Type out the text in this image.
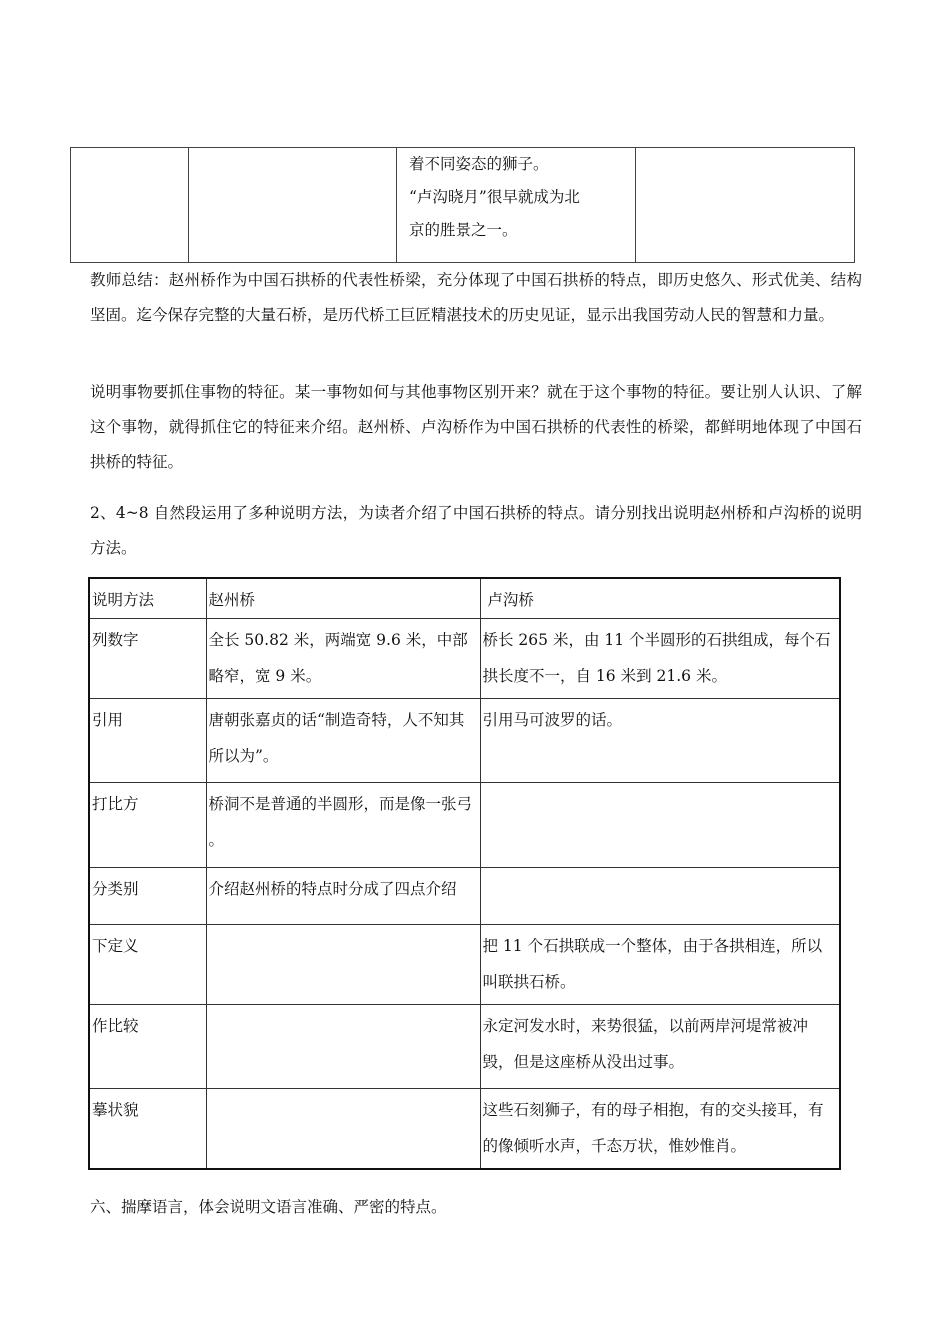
着不同姿态的狮子。

“卢沟晓月”很早就成为北

京的胜景之一。

教师总结：赵州桥作为中国石拱桥的代表性桥梁，充分体现了中国石拱桥的特点，即历史悠久、形式优美、结构坚固。迄今保存完整的大量石桥，是历代桥工巨匠精湛技术的历史见证，显示出我国劳动人民的智慧和力量。

说明事物要抓住事物的特征。某一事物如何与其他事物区别开来？就在于这个事物的特征。要让别人认识、了解这个事物，就得抓住它的特征来介绍。赵州桥、卢沟桥作为中国石拱桥的代表性的桥梁，都鲜明地体现了中国石拱桥的特征。

2、4~8 自然段运用了多种说明方法，为读者介绍了中国石拱桥的特点。请分别找出说明赵州桥和卢沟桥的说明方法。

说明方法	赵州桥	卢沟桥
列数字	全长 50.82 米，两端宽 9.6 米，中部略窄，宽 9 米。	桥长 265 米，由 11 个半圆形的石拱组成，每个石拱长度不一，自 16 米到 21.6 米。
引用	唐朝张嘉贞的话“制造奇特，人不知其所以为”。	引用马可波罗的话。
打比方	桥洞不是普通的半圆形，而是像一张弓 。	
分类别	介绍赵州桥的特点时分成了四点介绍	
下定义		把 11 个石拱联成一个整体，由于各拱相连，所以叫联拱石桥。
作比较		永定河发水时，来势很猛，以前两岸河堤常被冲毁，但是这座桥从没出过事。
摹状貌		这些石刻狮子，有的母子相抱，有的交头接耳，有的像倾听水声，千态万状，惟妙惟肖。
六、揣摩语言，体会说明文语言准确、严密的特点。
